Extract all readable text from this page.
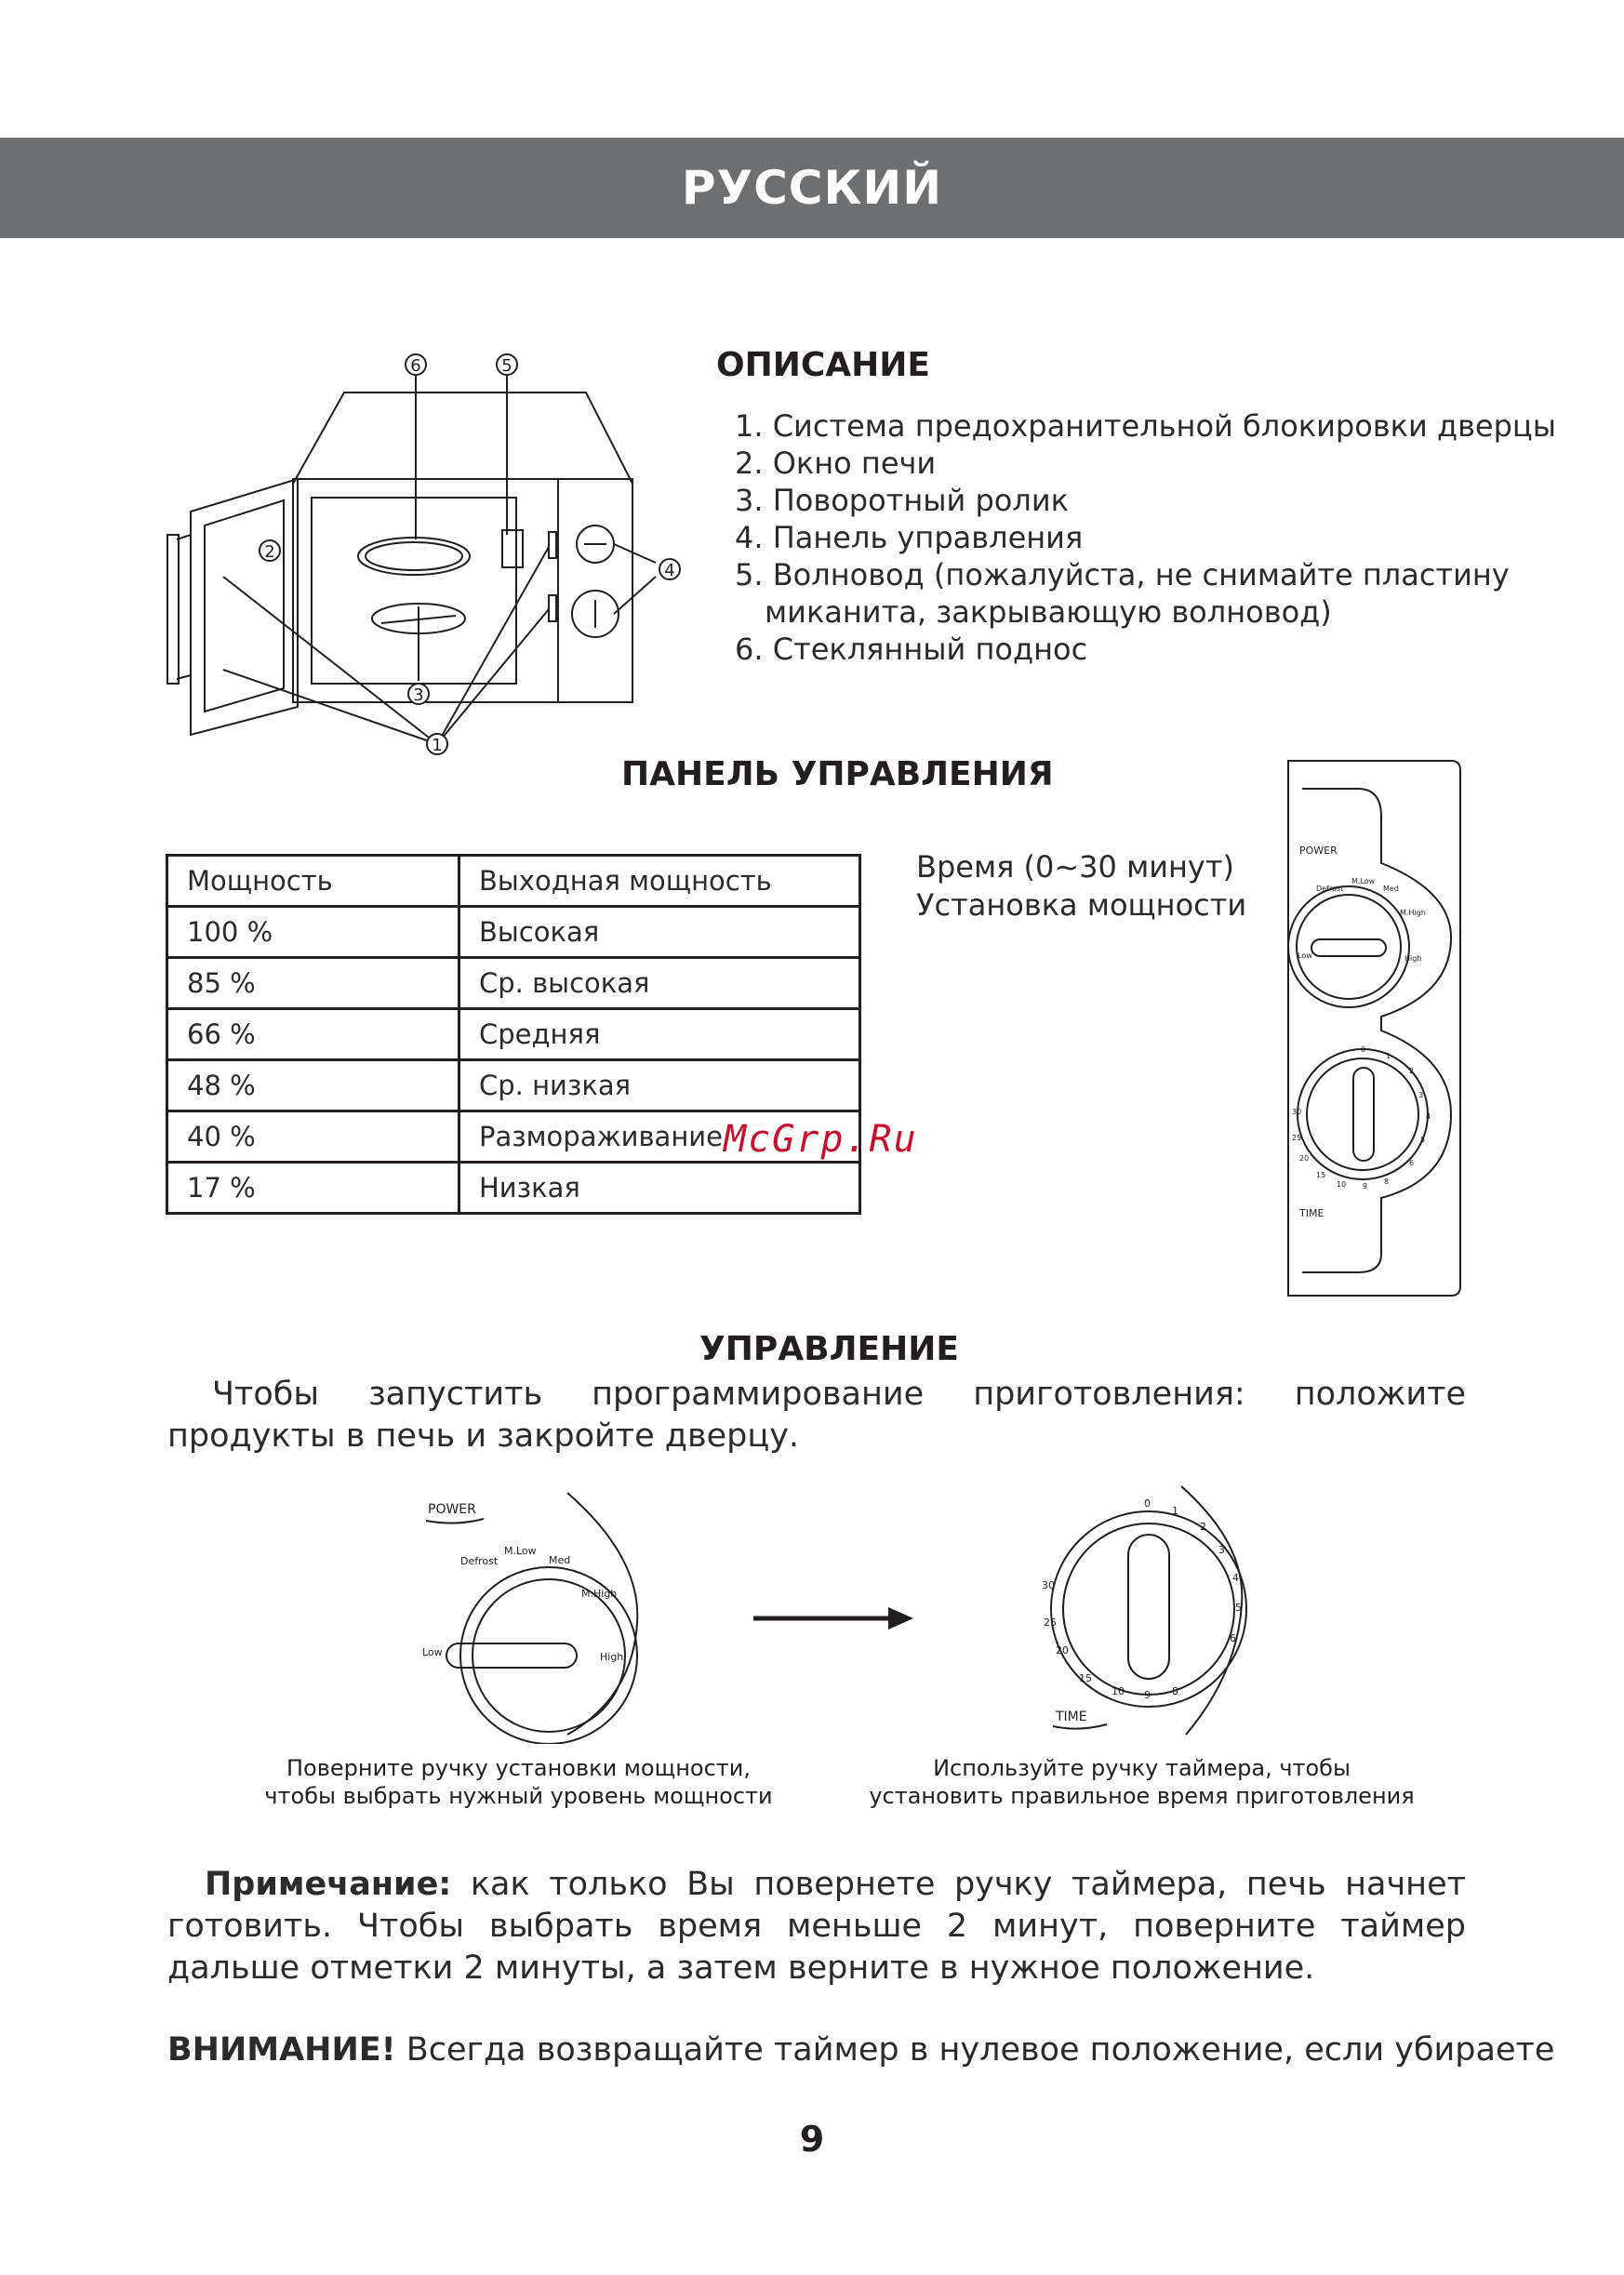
РУССКИЙ
6	5
2
3
1
4
ОПИСАНИЕ
1. Система предохранительной блокировки дверцы
2. Окно печи
3. Поворотный ролик
4. Панель управления
5. Волновод (пожалуйста, не снимайте пластину
миканита, закрывающую волновод)
6. Стеклянный поднос
ПАНЕЛЬ УПРАВЛЕНИЯ
Мощность	Выходная мощность
100 %	Высокая
85 %	Ср. высокая
66 %	Средняя
48 %	Ср. низкая
40 %	Размораживание
17 %	Низкая
Время (0~30 минут)
Установка мощности
McGrp.Ru
POWER
Low
Defrost
M.Low
Med
M.High
High
0
1
2
3
4
5
6
8
9
10
15
20
25
30
TIME
УПРАВЛЕНИЕ

Чтобы запустить программирование приготовления: положите продукты в печь и закройте дверцу.

POWER
Low
Defrost
M.Low
Med
M.High
High
0
1
2
3
4
5
6
8
9
10
15
20
25
30
TIME
Поверните ручку установки мощности,
чтобы выбрать нужный уровень мощности
Используйте ручку таймера, чтобы
установить правильное время приготовления

Примечание: как только Вы повернете ручку таймера, печь начнет готовить. Чтобы выбрать время меньше 2 минут, поверните таймер дальше отметки 2 минуты, а затем верните в нужное положение.

ВНИМАНИЕ! Всегда возвращайте таймер в нулевое положение, если убираете

9
